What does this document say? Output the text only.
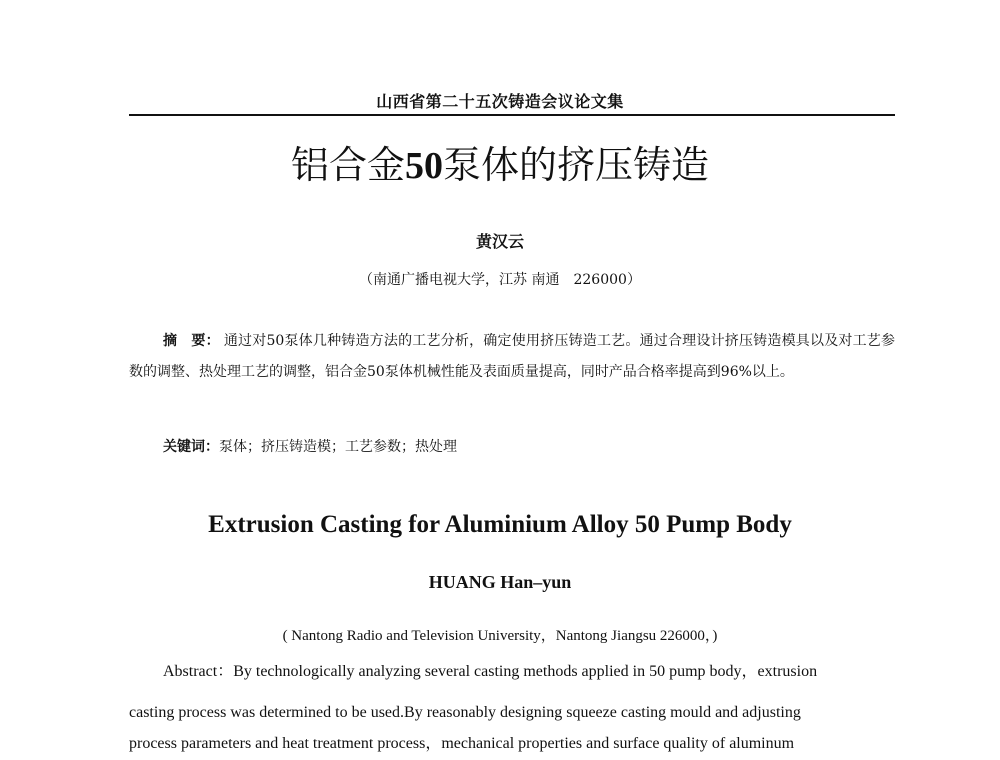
山西省第二十五次铸造会议论文集
铝合金50泵体的挤压铸造
黄汉云
（南通广播电视大学，江苏 南通　226000）
摘　要： 通过对50泵体几种铸造方法的工艺分析，确定使用挤压铸造工艺。通过合理设计挤压铸造模具以及对工艺参数的调整、热处理工艺的调整，铝合金50泵体机械性能及表面质量提高，同时产品合格率提高到96%以上。
关键词：泵体；挤压铸造模；工艺参数；热处理
Extrusion Casting for Aluminium Alloy 50 Pump Body
HUANG Han–yun
( Nantong Radio and Television University，Nantong Jiangsu 226000，)
Abstract：By technologically analyzing several casting methods applied in 50 pump body，extrusion
casting process was determined to be used.By reasonably designing squeeze casting mould and adjusting
process parameters and heat treatment process，mechanical properties and surface quality of aluminum
